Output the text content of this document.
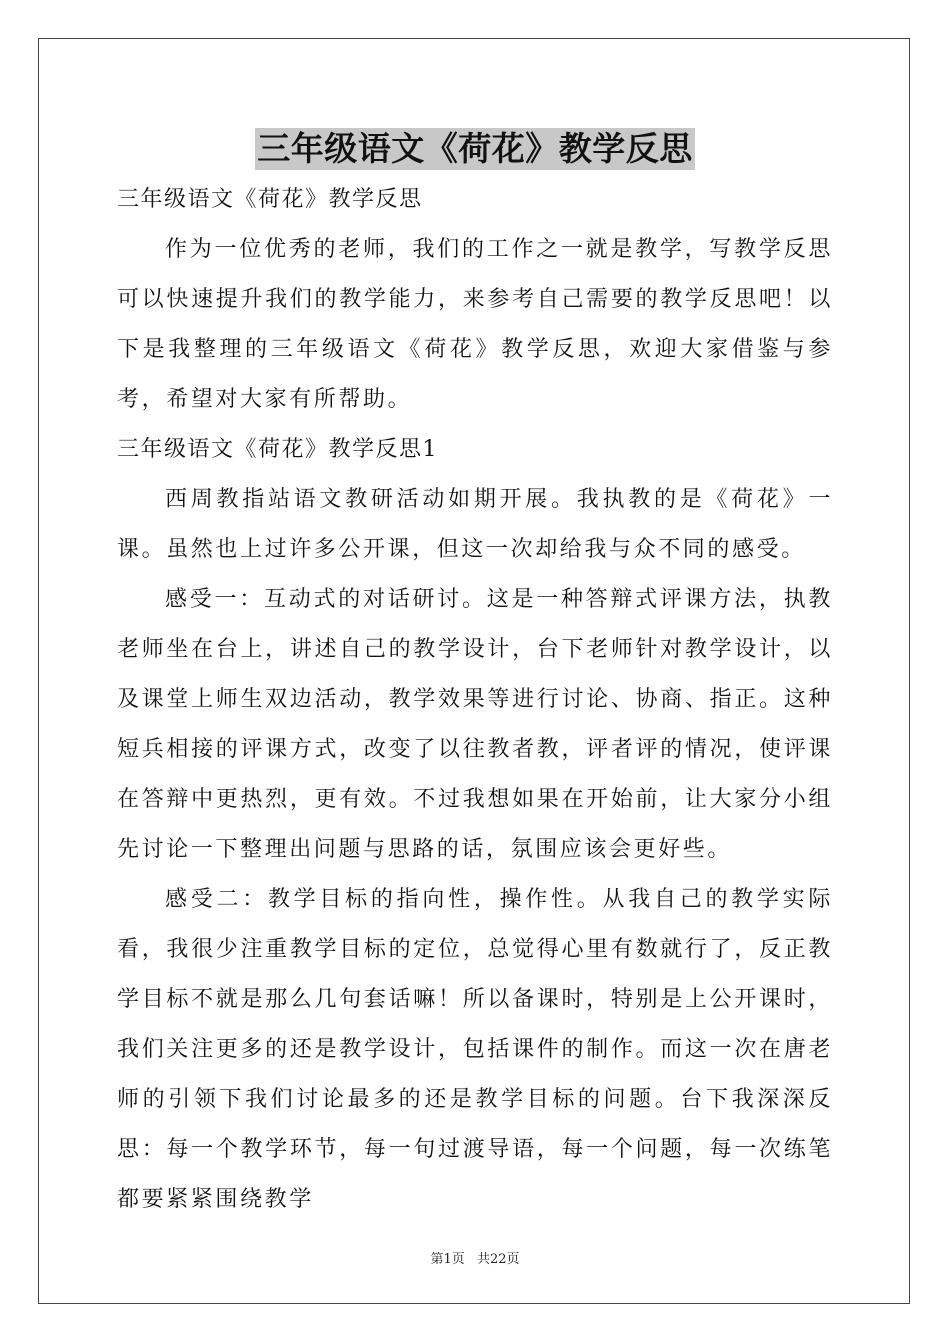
三年级语文《荷花》教学反思

三年级语文《荷花》教学反思

作为一位优秀的老师，我们的工作之一就是教学，写教学反思可以快速提升我们的教学能力，来参考自己需要的教学反思吧！以下是我整理的三年级语文《荷花》教学反思，欢迎大家借鉴与参考，希望对大家有所帮助。

三年级语文《荷花》教学反思1

西周教指站语文教研活动如期开展。我执教的是《荷花》一课。虽然也上过许多公开课，但这一次却给我与众不同的感受。

感受一：互动式的对话研讨。这是一种答辩式评课方法，执教老师坐在台上，讲述自己的教学设计，台下老师针对教学设计，以及课堂上师生双边活动，教学效果等进行讨论、协商、指正。这种短兵相接的评课方式，改变了以往教者教，评者评的情况，使评课在答辩中更热烈，更有效。不过我想如果在开始前，让大家分小组先讨论一下整理出问题与思路的话，氛围应该会更好些。

感受二：教学目标的指向性，操作性。从我自己的教学实际看，我很少注重教学目标的定位，总觉得心里有数就行了，反正教学目标不就是那么几句套话嘛！所以备课时，特别是上公开课时，我们关注更多的还是教学设计，包括课件的制作。而这一次在唐老师的引领下我们讨论最多的还是教学目标的问题。台下我深深反思：每一个教学环节，每一句过渡导语，每一个问题，每一次练笔都要紧紧围绕教学

第1页 共22页
